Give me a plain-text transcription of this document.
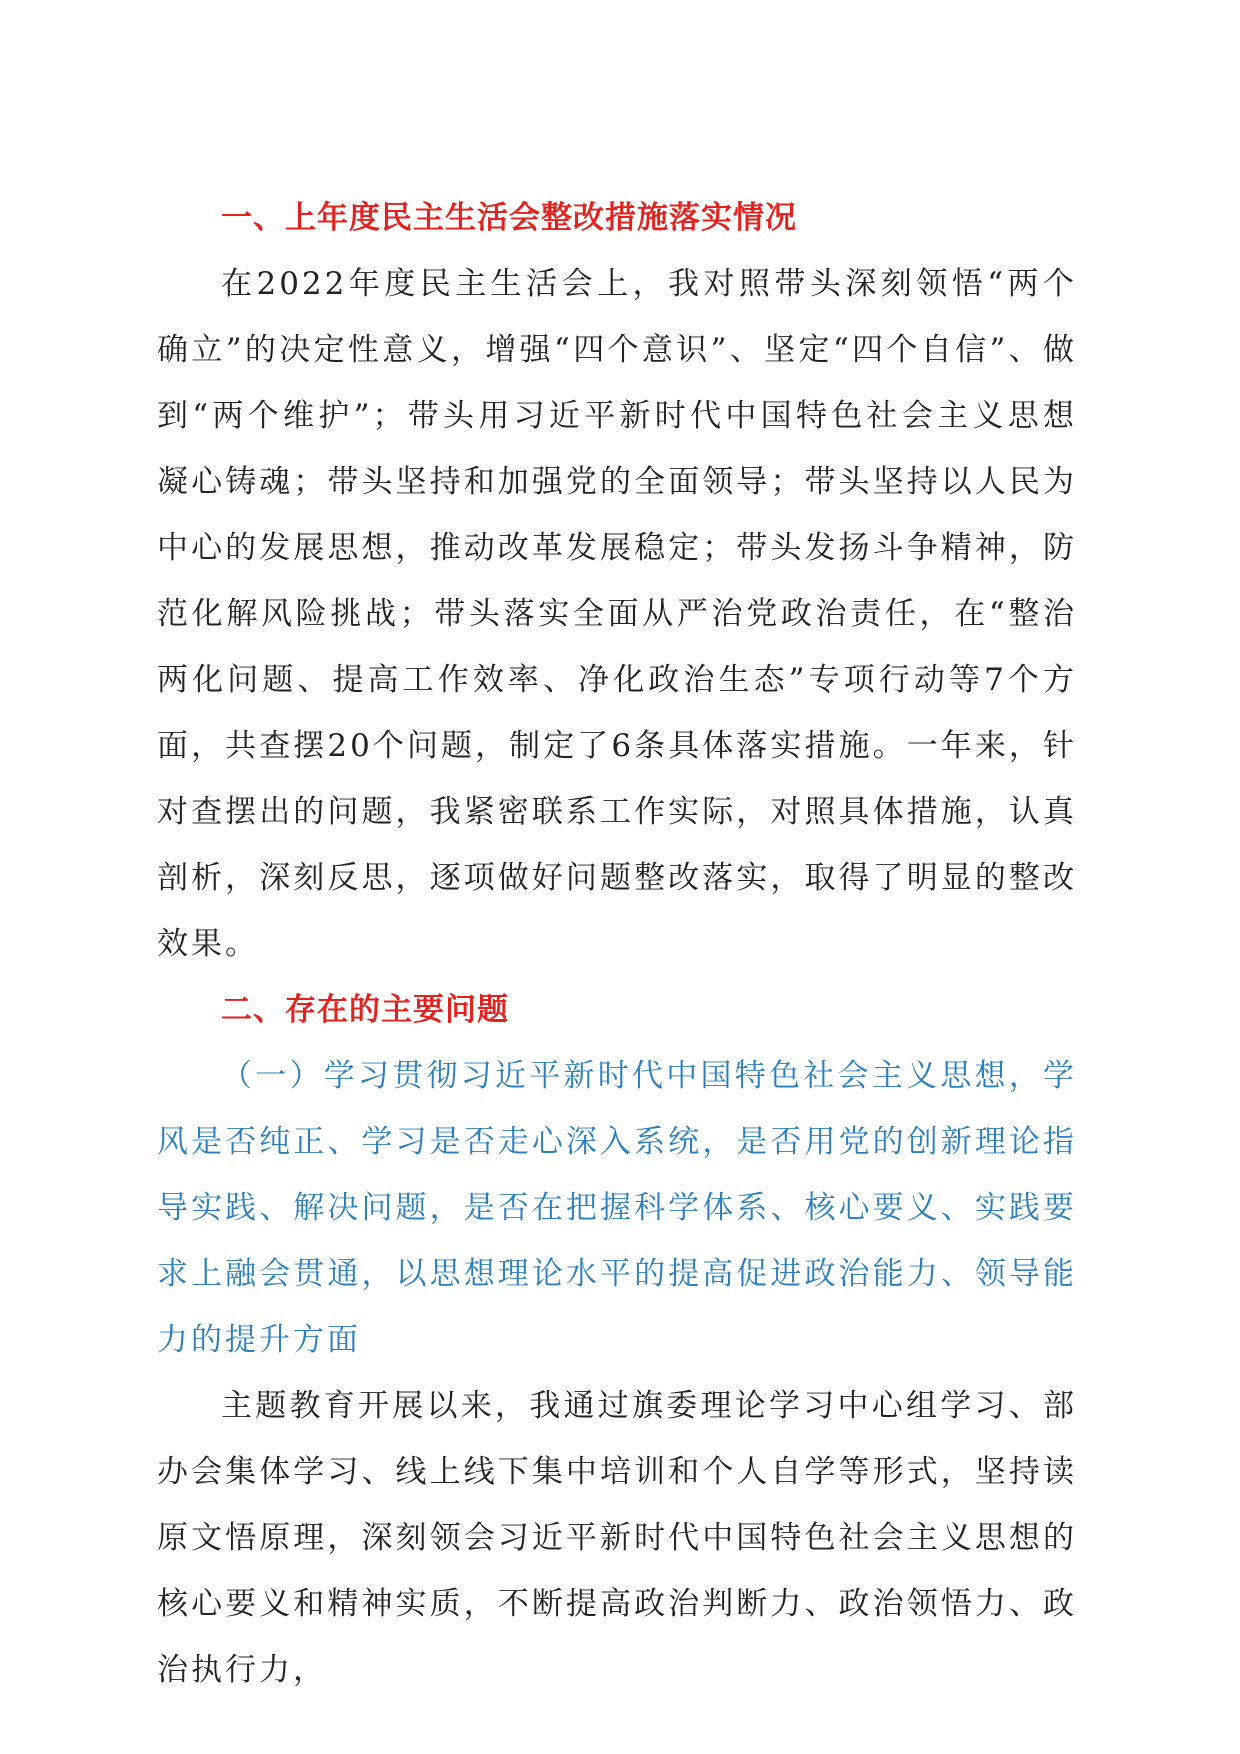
一、上年度民主生活会整改措施落实情况

在2022年度民主生活会上，我对照带头深刻领悟“两个确立”的决定性意义，增强“四个意识”、坚定“四个自信”、做到“两个维护”；带头用习近平新时代中国特色社会主义思想凝心铸魂；带头坚持和加强党的全面领导；带头坚持以人民为中心的发展思想，推动改革发展稳定；带头发扬斗争精神，防范化解风险挑战；带头落实全面从严治党政治责任，在“整治两化问题、提高工作效率、净化政治生态”专项行动等7个方面，共查摆20个问题，制定了6条具体落实措施。一年来，针对查摆出的问题，我紧密联系工作实际，对照具体措施，认真剖析，深刻反思，逐项做好问题整改落实，取得了明显的整改效果。

二、存在的主要问题

（一）学习贯彻习近平新时代中国特色社会主义思想，学风是否纯正、学习是否走心深入系统，是否用党的创新理论指导实践、解决问题，是否在把握科学体系、核心要义、实践要求上融会贯通，以思想理论水平的提高促进政治能力、领导能力的提升方面

主题教育开展以来，我通过旗委理论学习中心组学习、部办会集体学习、线上线下集中培训和个人自学等形式，坚持读原文悟原理，深刻领会习近平新时代中国特色社会主义思想的核心要义和精神实质，不断提高政治判断力、政治领悟力、政治执行力，
